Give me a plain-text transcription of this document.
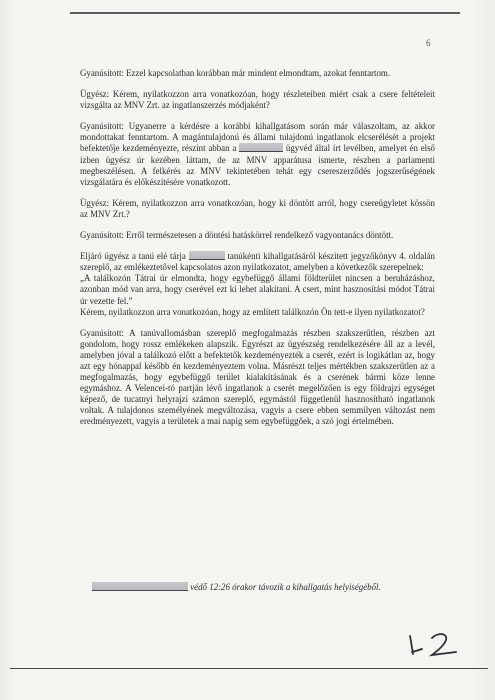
6

Gyanúsított: Ezzel kapcsolatban korábban már mindent elmondtam, azokat fenntartom.

Ügyész: Kérem, nyilatkozzon arra vonatkozóan, hogy részleteiben miért csak a csere feltételeit vizsgálta az MNV Zrt. az ingatlanszerzés módjaként?

Gyanúsított: Ugyanerre a kérdésre a korábbi kihallgatásom során már válaszoltam, az akkor mondottakat fenntartom. A magántulajdonú és állami tulajdonú ingatlanok elcserélését a projekt befektetője kezdeményezte, részint abban a	ügyvéd által írt levélben, amelyet én első ízben ügyész úr kezében láttam, de az MNV apparátusa ismerte, részben a parlamenti megbeszélésen. A felkérés az MNV tekintetében tehát egy csereszerződés jogszerűségének vizsgálatára és előkészítésére vonatkozott.

Ügyész: Kérem, nyilatkozzon arra vonatkozóan, hogy ki döntött arról, hogy csereügyletet kössön az MNV Zrt.?

Gyanúsított: Erről természetesen a döntési hatáskörrel rendelkező vagyontanács döntött.

Eljáró ügyész a tanú elé tárja	tanúkénti kihallgatásáról készített jegyzőkönyv 4. oldalán szereplő, az emlékeztetővel kapcsolatos azon nyilatkozatot, amelyben a következők szerepelnek:

„A találkozón Tátrai úr elmondta, hogy egybefüggő állami földterület nincsen a beruházáshoz, azonban mód van arra, hogy cserével ezt ki lehet alakítani. A csert, mint hasznosítási módot Tátrai úr vezette fel.”

Kérem, nyilatkozzon arra vonatkozóan, hogy az említett találkozón Ön tett-e ilyen nyilatkozatot?

Gyanúsított: A tanúvallomásban szereplő megfogalmazás részben szakszerűtlen, részben azt gondolom, hogy rossz emlékeken alapszik. Egyrészt az ügyészség rendelkezésére áll az a levél, amelyben jóval a találkozó előtt a befektetők kezdeményezték a cserét, ezért is logikátlan az, hogy azt egy hónappal később én kezdeményeztem volna. Másrészt teljes mértékben szakszerűtlen az a megfogalmazás, hogy egybefüggő terület kialakításának és a cserének bármi köze lenne egymáshoz. A Velencei-tó partján lévő ingatlanok a cserét megelőzően is egy földrajzi egységet képező, de tucatnyi helyrajzi számon szereplő, egymástól függetlenül hasznosítható ingatlanok voltak. A tulajdonos személyének megváltozása, vagyis a csere ebben semmilyen változást nem eredményezett, vagyis a területek a mai napig sem egybefüggőek, a szó jogi értelmében.

védő 12:26 órakor távozik a kihallgatás helyiségéből.
